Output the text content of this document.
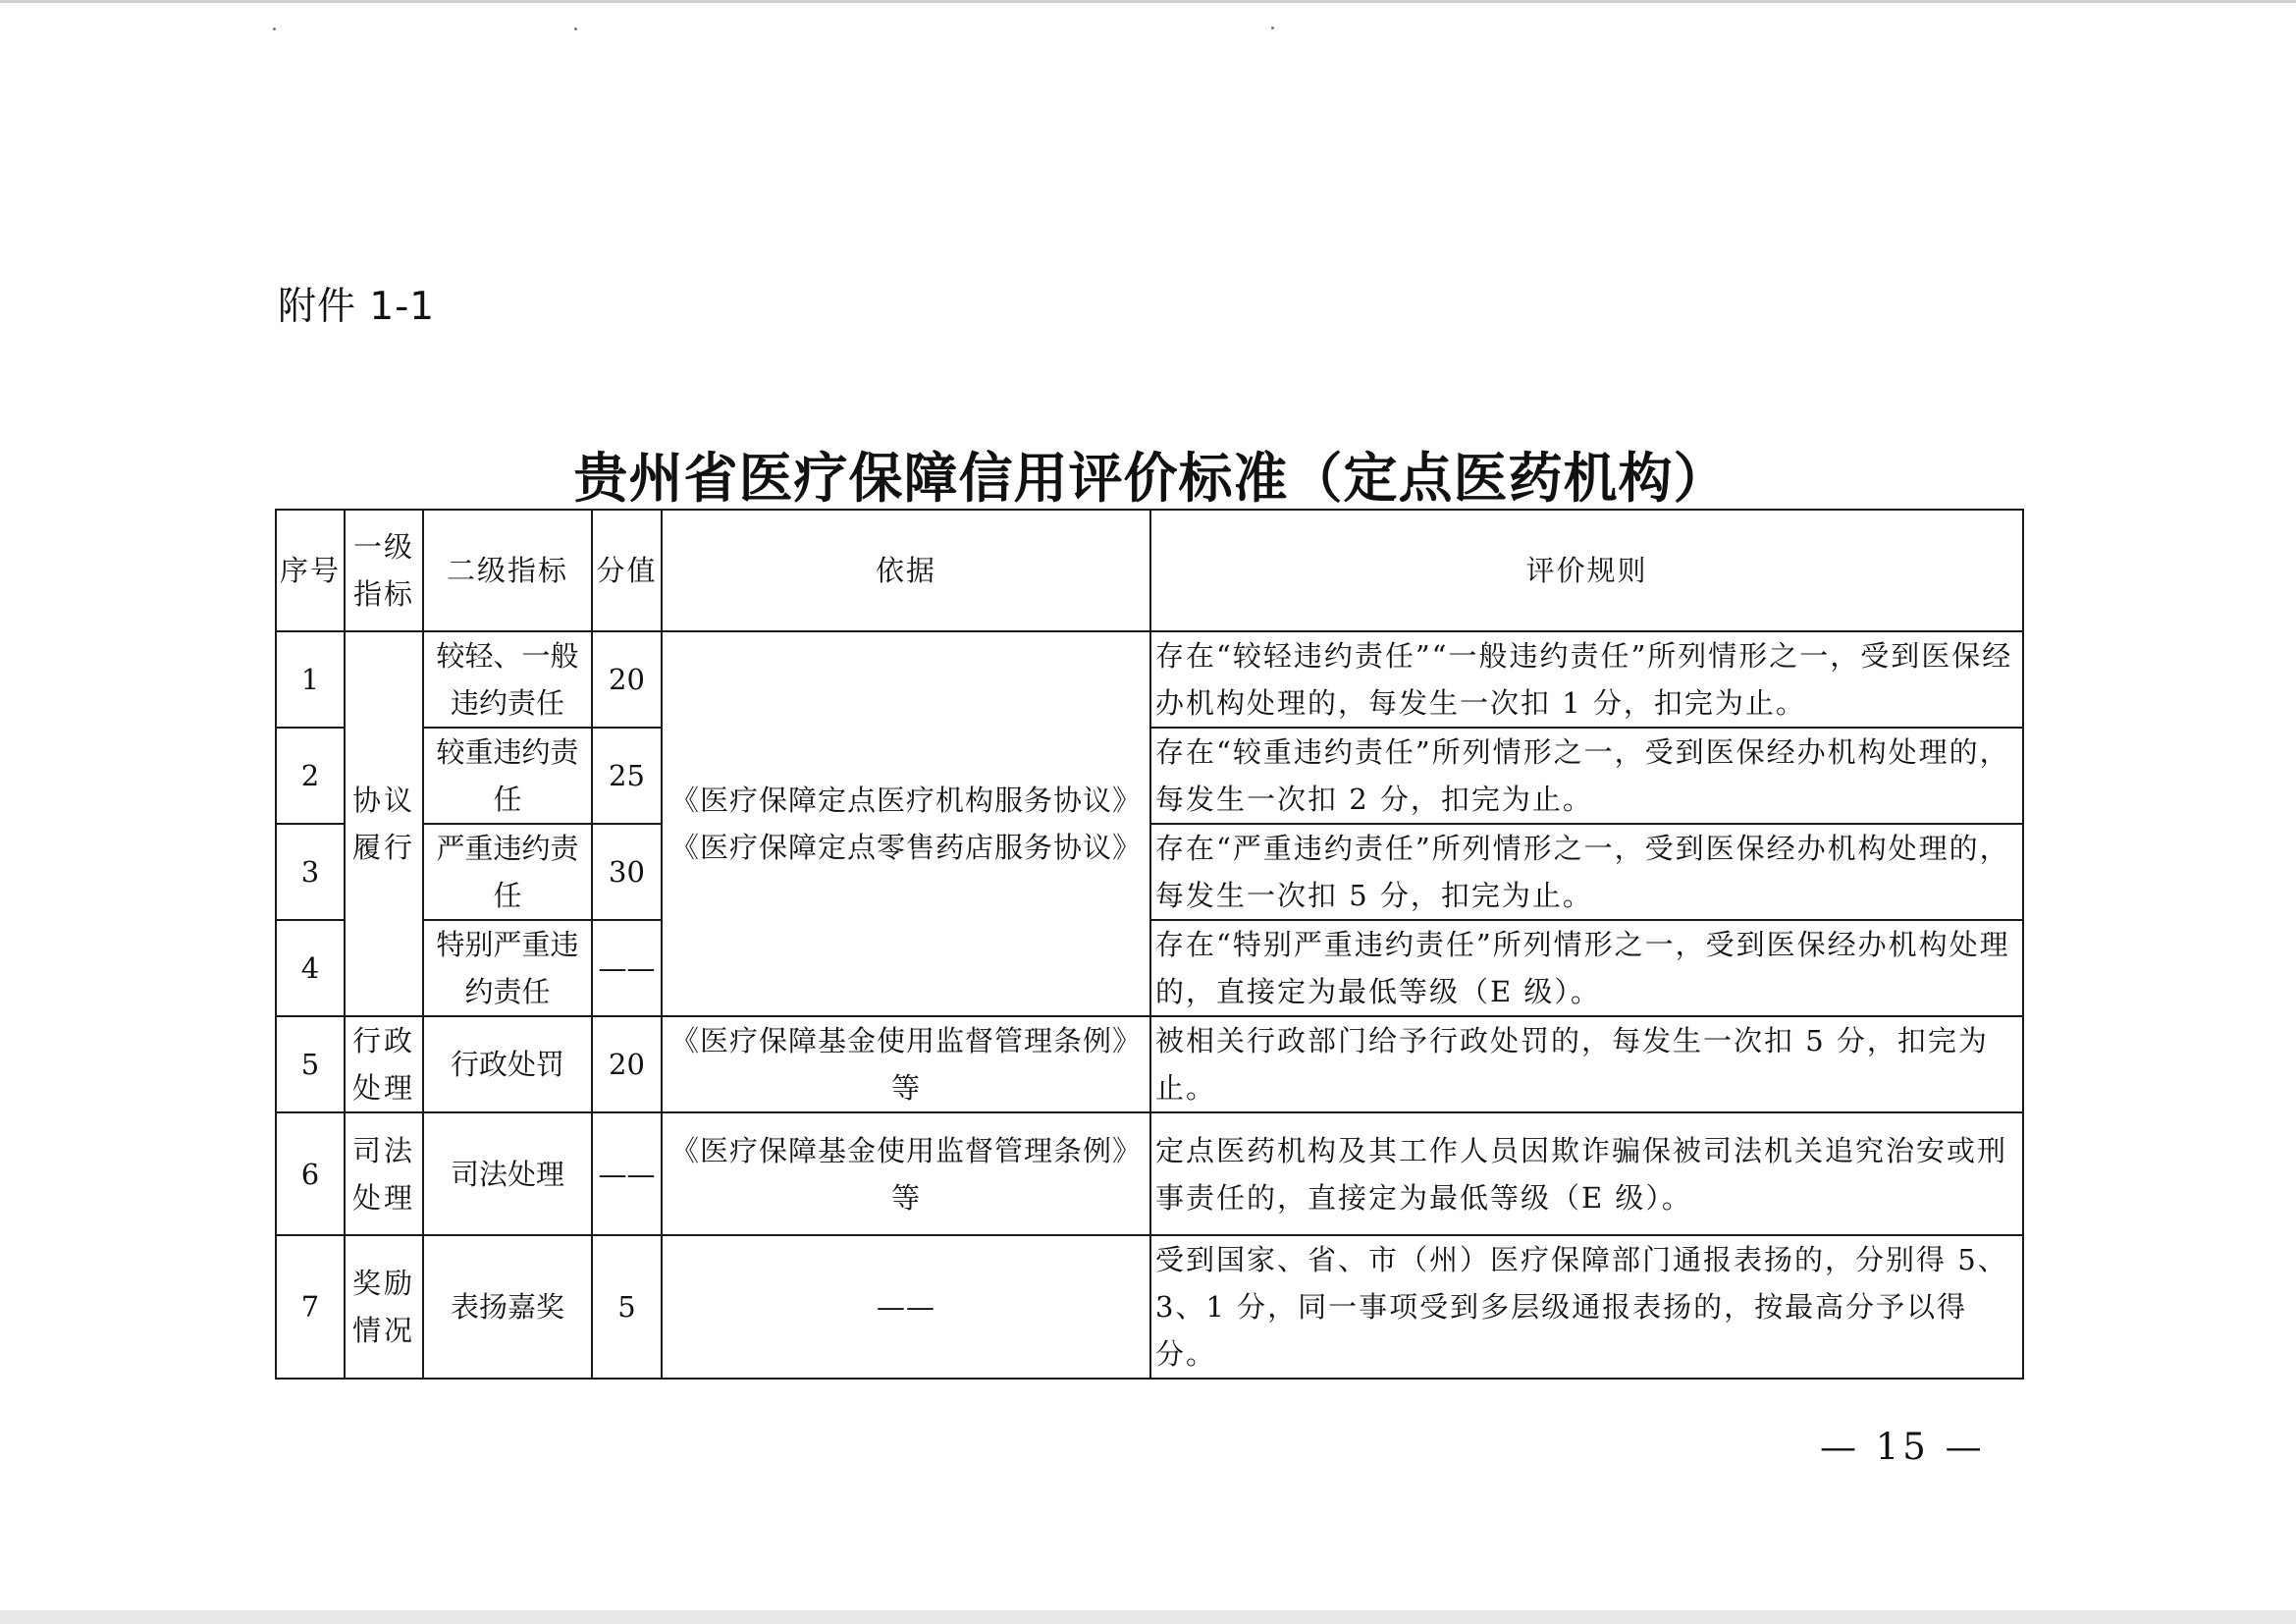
附件 1-1
贵州省医疗保障信用评价标准（定点医药机构）
序号	一级指标	二级指标	分值	依据	评价规则
1	协议履行	较轻、一般违约责任	20	《医疗保障定点医疗机构服务协议》《医疗保障定点零售药店服务协议》	存在“较轻违约责任”“一般违约责任”所列情形之一，受到医保经办机构处理的，每发生一次扣 1 分，扣完为止。
2		较重违约责任	25		存在“较重违约责任”所列情形之一，受到医保经办机构处理的，每发生一次扣 2 分，扣完为止。
3		严重违约责任	30		存在“严重违约责任”所列情形之一，受到医保经办机构处理的，每发生一次扣 5 分，扣完为止。
4		特别严重违约责任	——		存在“特别严重违约责任”所列情形之一，受到医保经办机构处理的，直接定为最低等级（E 级）。
5	行政处理	行政处罚	20	《医疗保障基金使用监督管理条例》等	被相关行政部门给予行政处罚的，每发生一次扣 5 分，扣完为止。
6	司法处理	司法处理	——	《医疗保障基金使用监督管理条例》等	定点医药机构及其工作人员因欺诈骗保被司法机关追究治安或刑事责任的，直接定为最低等级（E 级）。
7	奖励情况	表扬嘉奖	5	——	受到国家、省、市（州）医疗保障部门通报表扬的，分别得 5、3、1 分，同一事项受到多层级通报表扬的，按最高分予以得分。
— 15 —
